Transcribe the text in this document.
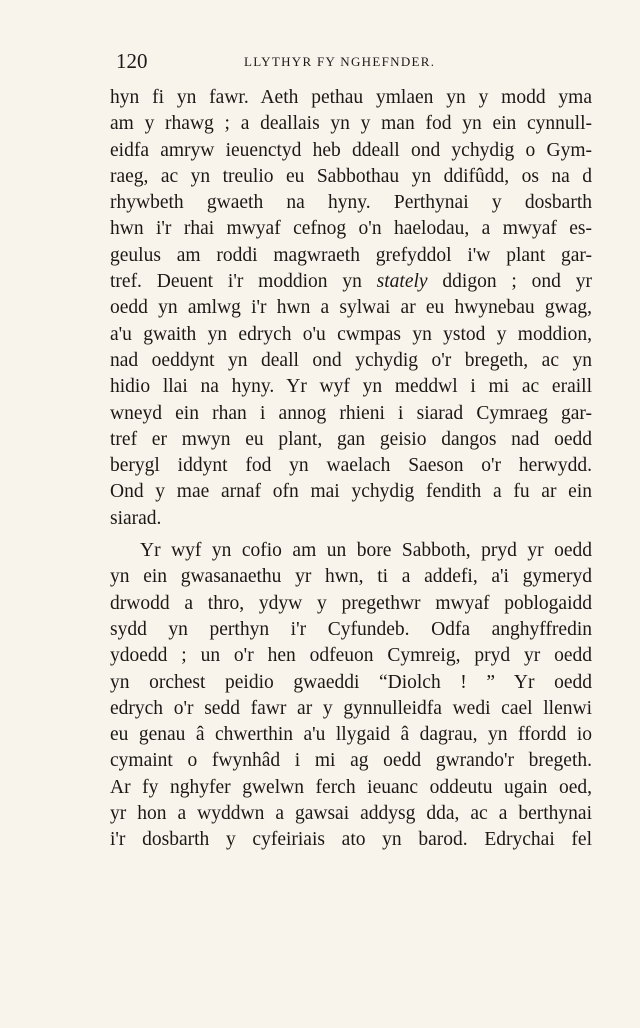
120	LLYTHYR FY NGHEFNDER.
hyn fi yn fawr. Aeth pethau ymlaen yn y modd yma
am y rhawg ; a deallais yn y man fod yn ein cynnull-
eidfa amryw ieuenctyd heb ddeall ond ychydig o Gym-
raeg, ac yn treulio eu Sabbothau yn ddifûdd, os na d
rhywbeth gwaeth na hyny. Perthynai y dosbarth
hwn i'r rhai mwyaf cefnog o'n haelodau, a mwyaf es-
geulus am roddi magwraeth grefyddol i'w plant gar-
tref. Deuent i'r moddion yn stately ddigon ; ond yr
oedd yn amlwg i'r hwn a sylwai ar eu hwynebau gwag,
a'u gwaith yn edrych o'u cwmpas yn ystod y moddion,
nad oeddynt yn deall ond ychydig o'r bregeth, ac yn
hidio llai na hyny. Yr wyf yn meddwl i mi ac eraill
wneyd ein rhan i annog rhieni i siarad Cymraeg gar-
tref er mwyn eu plant, gan geisio dangos nad oedd
berygl iddynt fod yn waelach Saeson o'r herwydd.
Ond y mae arnaf ofn mai ychydig fendith a fu ar ein
siarad.
Yr wyf yn cofio am un bore Sabboth, pryd yr oedd
yn ein gwasanaethu yr hwn, ti a addefi, a'i gymeryd
drwodd a thro, ydyw y pregethwr mwyaf poblogaidd
sydd yn perthyn i'r Cyfundeb. Odfa anghyffredin
ydoedd ; un o'r hen odfeuon Cymreig, pryd yr oedd
yn orchest peidio gwaeddi “Diolch ! ” Yr oedd
edrych o'r sedd fawr ar y gynnulleidfa wedi cael llenwi
eu genau â chwerthin a'u llygaid â dagrau, yn ffordd io
cymaint o fwynhâd i mi ag oedd gwrando'r bregeth.
Ar fy nghyfer gwelwn ferch ieuanc oddeutu ugain oed,
yr hon a wyddwn a gawsai addysg dda, ac a berthynai
i'r dosbarth y cyfeiriais ato yn barod. Edrychai fel
